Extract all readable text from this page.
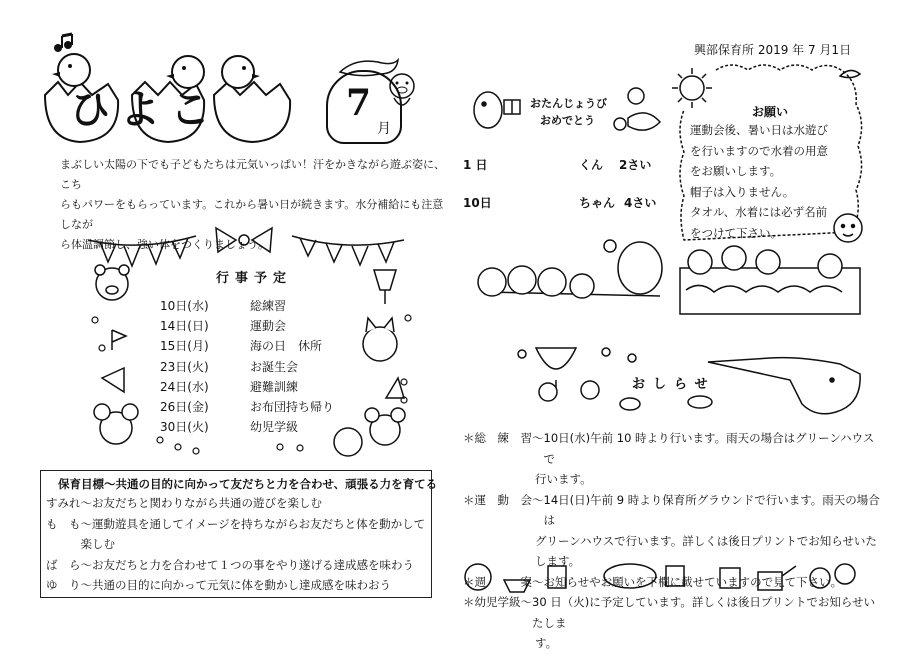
ひよこ	7
月
興部保育所 2019 年 7 月1日
まぶしい太陽の下でも子どもたちは元気いっぱい！汗をかきながら遊ぶ姿に、こち
らもパワーをもらっています。これから暑い日が続きます。水分補給にも注意しなが
ら体温調節し、強い体をつくりましょう。
行事予定
10日(水)	総練習
14日(日)	運動会
15日(月)	海の日　休所
23日(火)	お誕生会
24日(水)	避難訓練
26日(金)	お布団持ち帰り
30日(火)	幼児学級
保育目標～共通の目的に向かって友だちと力を合わせ、頑張る力を育てる
すみれ～お友だちと関わりながら共通の遊びを楽しむ
も　も～運動遊具を通してイメージを持ちながらお友だちと体を動かして
　　　楽しむ
ば　ら～お友だちと力を合わせて１つの事をやり遂げる達成感を味わう
ゆ　り～共通の目的に向かって元気に体を動かし達成感を味わおう
おたんじょうび
おめでとう
1 日	くん 2さい
10日	ちゃん 4さい
お願い
運動会後、暑い日は水遊び
を行いますので水着の用意
をお願いします。
帽子は入りません。
タオル、水着には必ず名前
をつけて下さい。
おしらせ
＊総　練　習～ 10日(水)午前 10 時より行います。雨天の場合はグリーンハウスで
行います。
＊運　動　会～ 14日(日)午前 9 時より保育所グラウンドで行います。雨天の場合は
グリーンハウスで行います。詳しくは後日プリントでお知らせいたします。
＊週　　　案～ お知らせやお願いを下欄に載せていますので見て下さい。
＊幼児学級～ 30 日（火)に予定しています。詳しくは後日プリントでお知らせいたしま
す。
